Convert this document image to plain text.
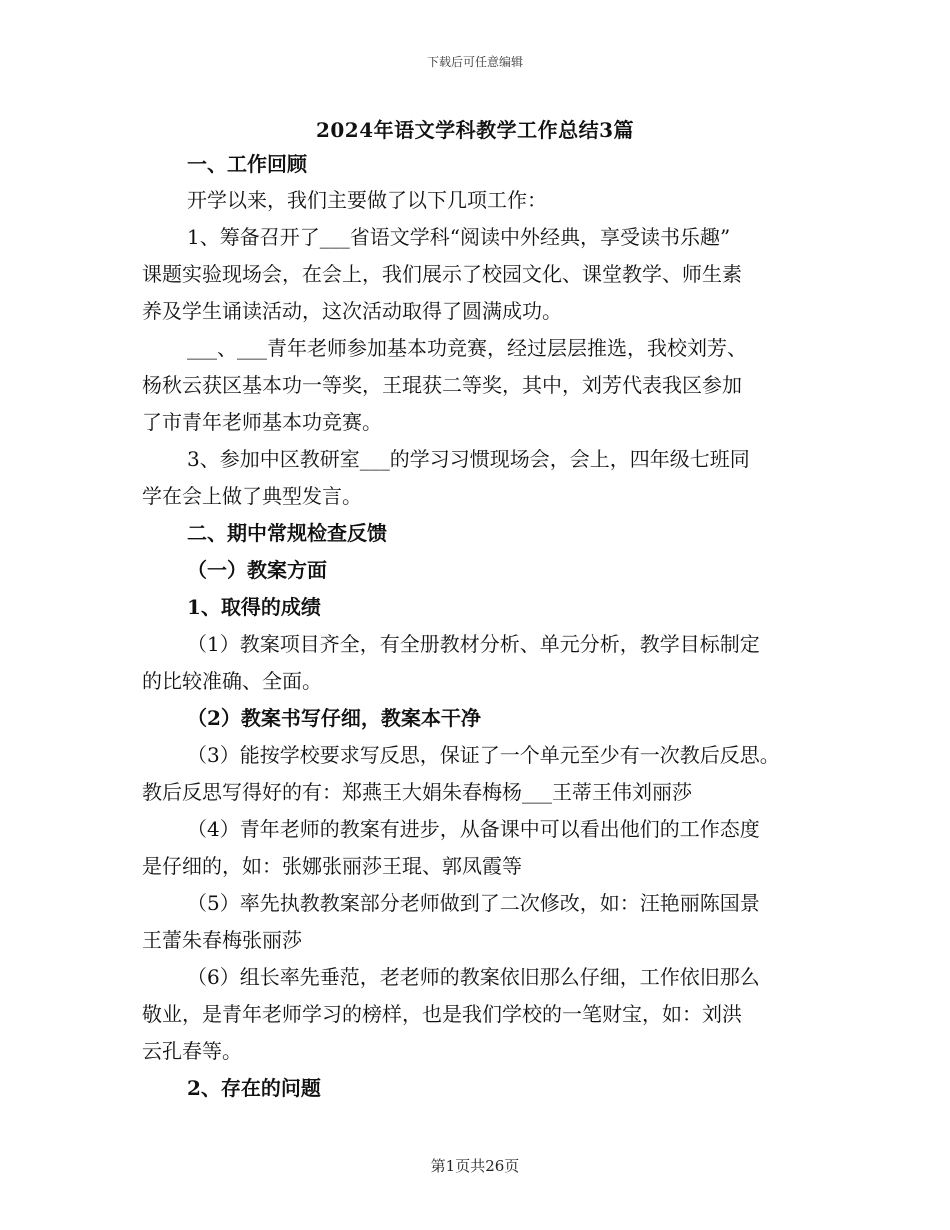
下载后可任意编辑
2024年语文学科教学工作总结3篇
一、工作回顾
开学以来，我们主要做了以下几项工作：
1、筹备召开了___省语文学科“阅读中外经典，享受读书乐趣”
课题实验现场会，在会上，我们展示了校园文化、课堂教学、师生素
养及学生诵读活动，这次活动取得了圆满成功。
___、___青年老师参加基本功竞赛，经过层层推选，我校刘芳、
杨秋云获区基本功一等奖，王琨获二等奖，其中，刘芳代表我区参加
了市青年老师基本功竞赛。
3、参加中区教研室___的学习习惯现场会，会上，四年级七班同
学在会上做了典型发言。
二、期中常规检查反馈
（一）教案方面
1、取得的成绩
（1）教案项目齐全，有全册教材分析、单元分析，教学目标制定
的比较准确、全面。
（2）教案书写仔细，教案本干净
（3）能按学校要求写反思，保证了一个单元至少有一次教后反思。
教后反思写得好的有：郑燕王大娟朱春梅杨___王蒂王伟刘丽莎
（4）青年老师的教案有进步，从备课中可以看出他们的工作态度
是仔细的，如：张娜张丽莎王琨、郭凤霞等
（5）率先执教教案部分老师做到了二次修改，如：汪艳丽陈国景
王蕾朱春梅张丽莎
（6）组长率先垂范，老老师的教案依旧那么仔细，工作依旧那么
敬业，是青年老师学习的榜样，也是我们学校的一笔财宝，如：刘洪
云孔春等。
2、存在的问题
第1页共26页
